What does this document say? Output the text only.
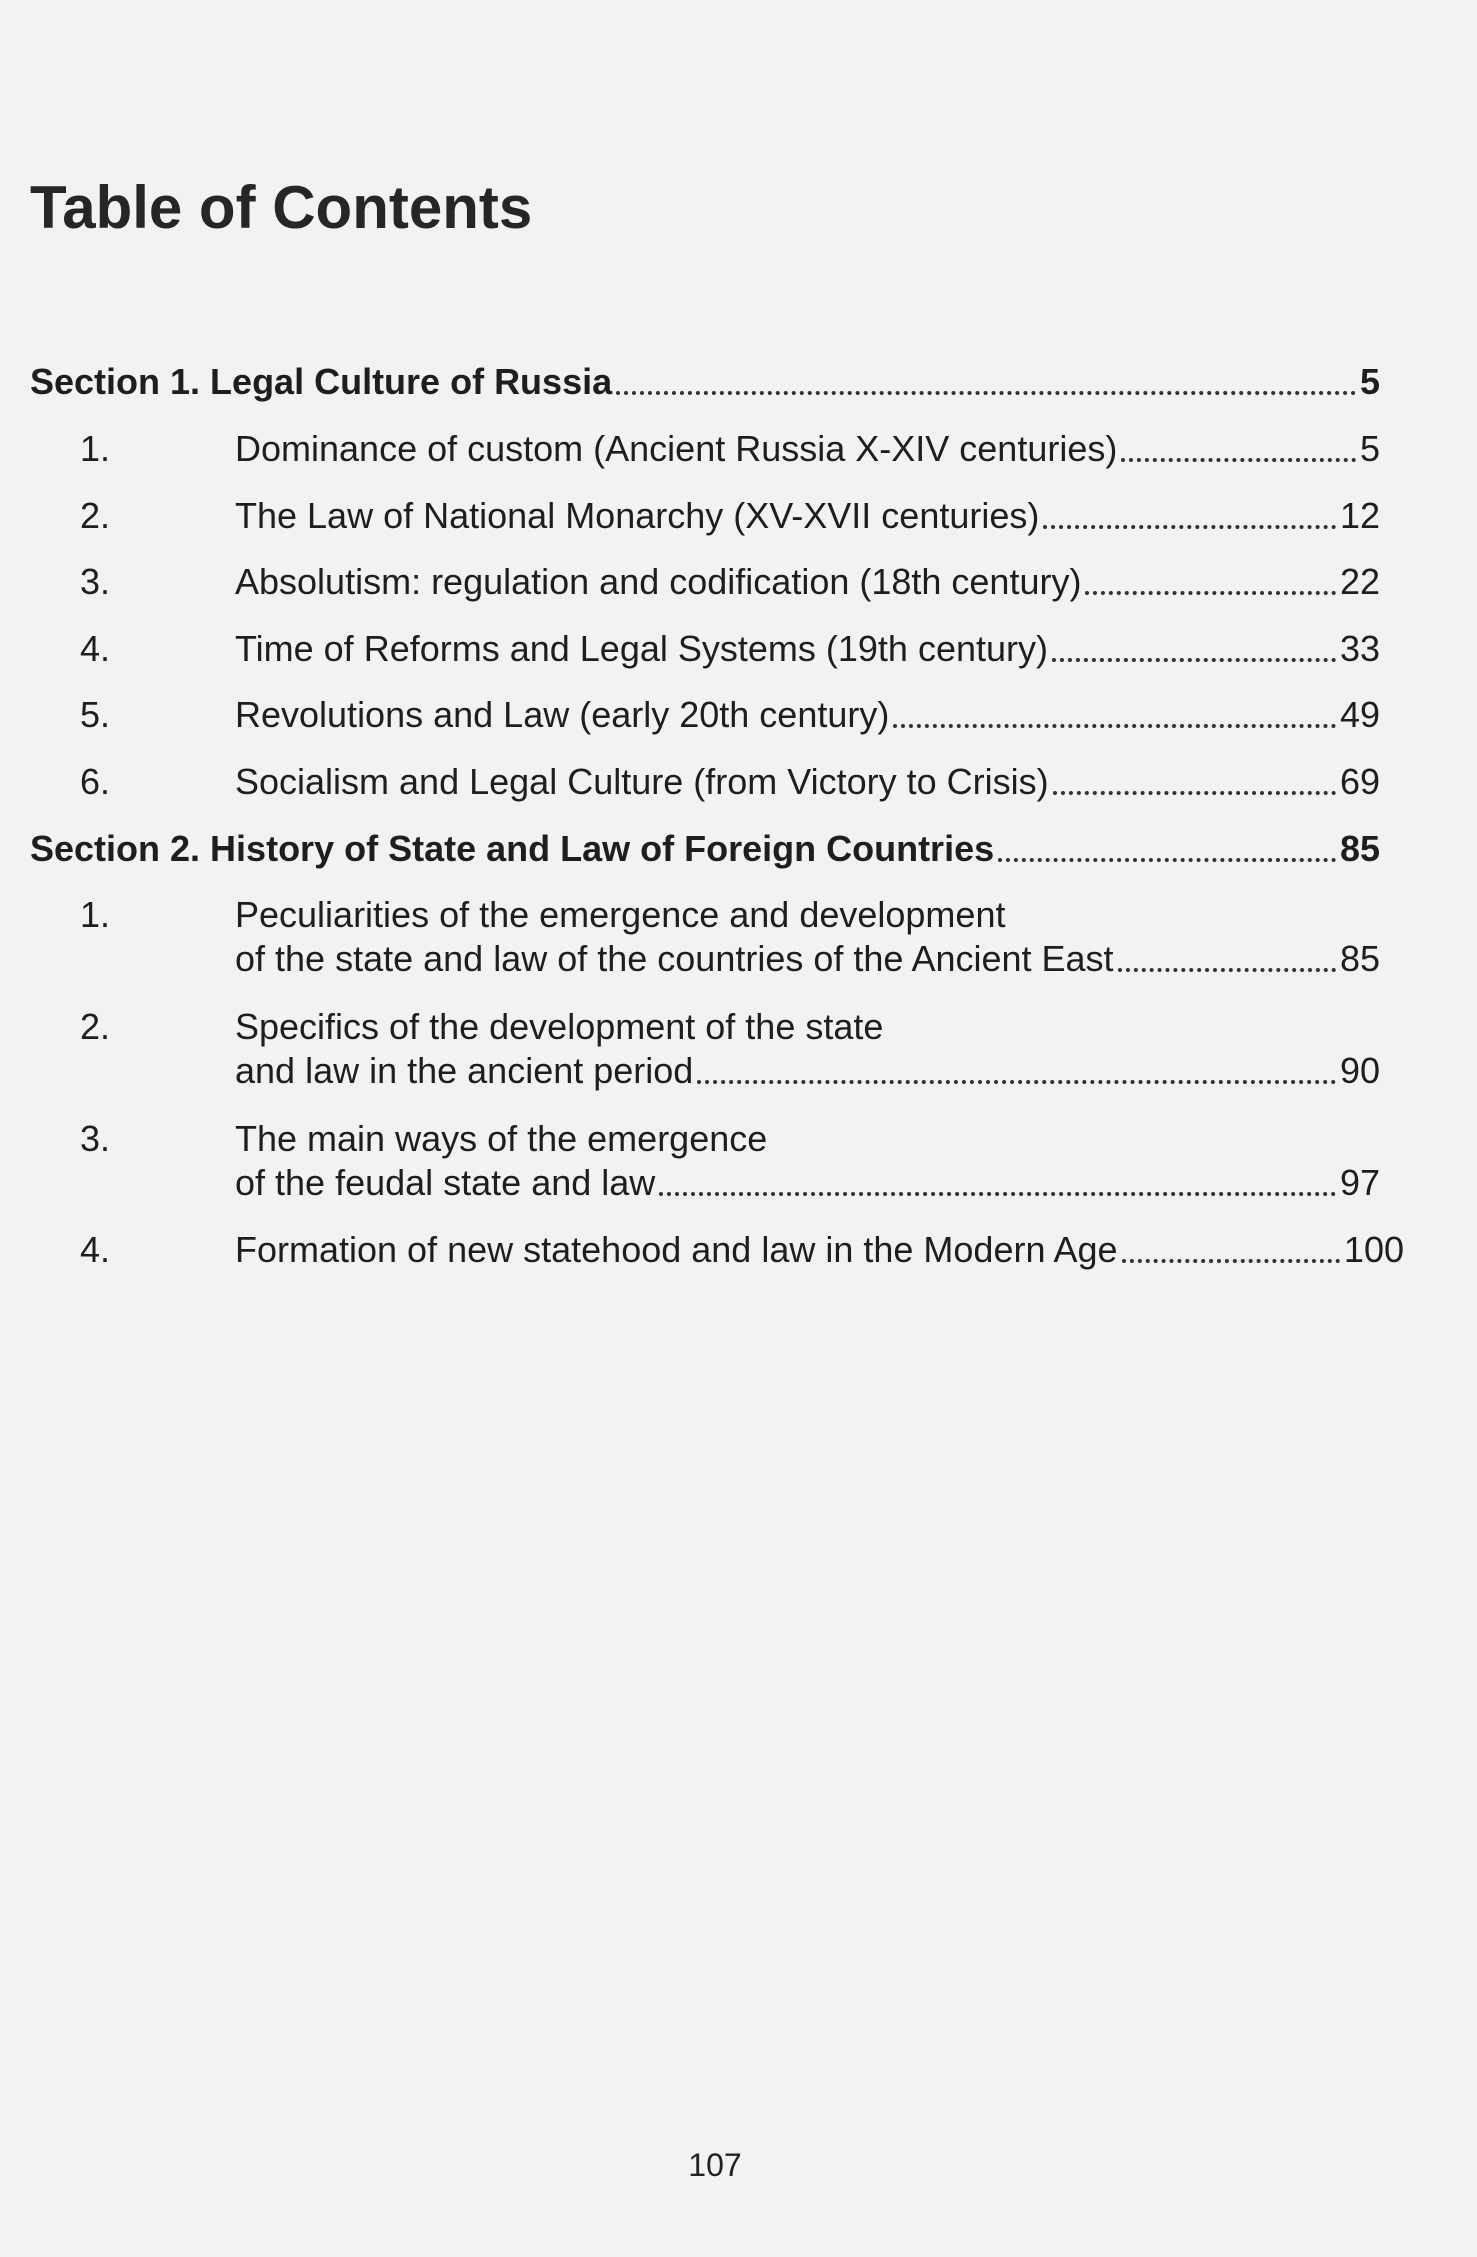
Table of Contents
Section 1. Legal Culture of Russia	5
1.	Dominance of custom (Ancient Russia X-XIV centuries)	5
2.	The Law of National Monarchy (XV-XVII centuries)	12
3.	Absolutism: regulation and codification (18th century)	22
4.	Time of Reforms and Legal Systems (19th century)	33
5.	Revolutions and Law (early 20th century)	49
6.	Socialism and Legal Culture (from Victory to Crisis)	69
Section 2. History of State and Law of Foreign Countries	85
1.	Peculiarities of the emergence and development
of the state and law of the countries of the Ancient East	85
2.	Specifics of the development of the state
and law in the ancient period	90
3.	The main ways of the emergence
of the feudal state and law	97
4.	Formation of new statehood and law in the Modern Age	100
107
